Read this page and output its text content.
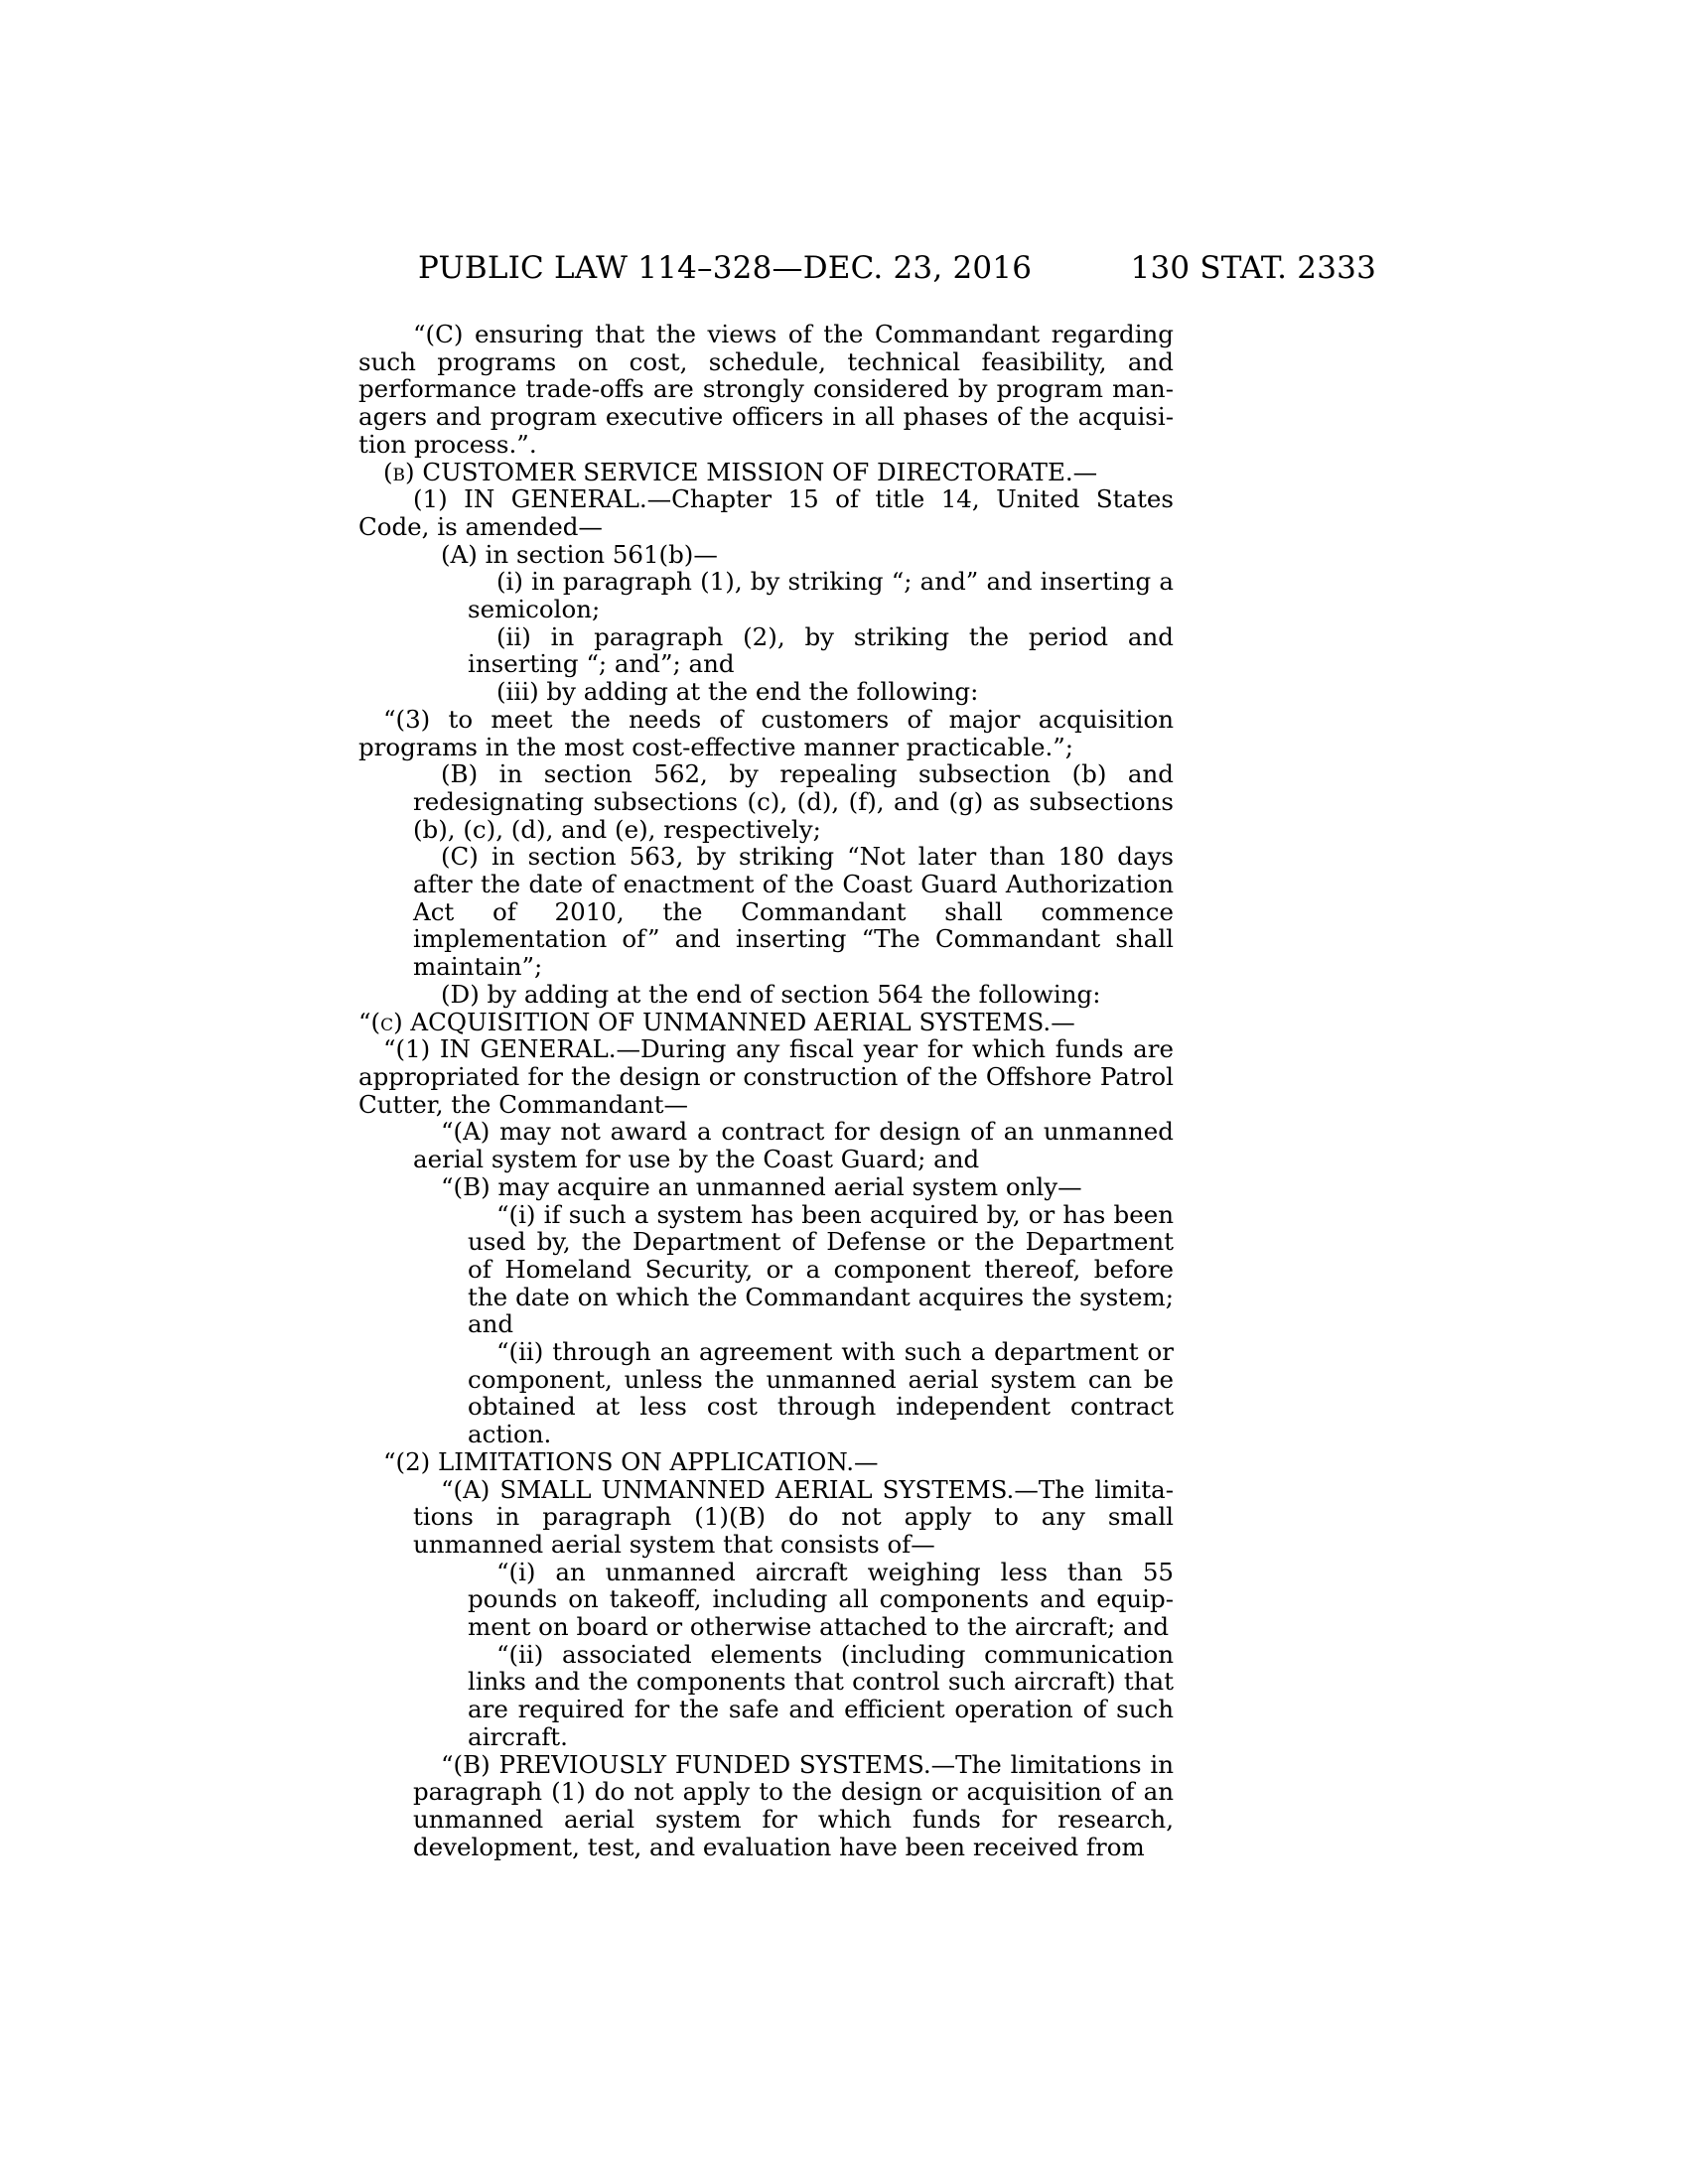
PUBLIC LAW 114–328—DEC. 23, 2016	130 STAT. 2333

“(C) ensuring that the views of the Commandant regarding such programs on cost, schedule, technical feasibility, and performance trade-offs are strongly considered by program managers and program executive officers in all phases of the acquisition process.”.

(b) CUSTOMER SERVICE MISSION OF DIRECTORATE.—

(1) IN GENERAL.—Chapter 15 of title 14, United States Code, is amended—

(A) in section 561(b)—

(i) in paragraph (1), by striking “; and” and inserting a semicolon;

(ii) in paragraph (2), by striking the period and inserting “; and”; and

(iii) by adding at the end the following:

“(3) to meet the needs of customers of major acquisition programs in the most cost-effective manner practicable.”;

(B) in section 562, by repealing subsection (b) and redesignating subsections (c), (d), (f), and (g) as subsections (b), (c), (d), and (e), respectively;

(C) in section 563, by striking “Not later than 180 days after the date of enactment of the Coast Guard Authorization Act of 2010, the Commandant shall commence implementation of” and inserting “The Commandant shall maintain”;

(D) by adding at the end of section 564 the following:

“(c) ACQUISITION OF UNMANNED AERIAL SYSTEMS.—

“(1) IN GENERAL.—During any fiscal year for which funds are appropriated for the design or construction of the Offshore Patrol Cutter, the Commandant—

“(A) may not award a contract for design of an unmanned aerial system for use by the Coast Guard; and

“(B) may acquire an unmanned aerial system only—

“(i) if such a system has been acquired by, or has been used by, the Department of Defense or the Department of Homeland Security, or a component thereof, before the date on which the Commandant acquires the system; and

“(ii) through an agreement with such a department or component, unless the unmanned aerial system can be obtained at less cost through independent contract action.

“(2) LIMITATIONS ON APPLICATION.—

“(A) SMALL UNMANNED AERIAL SYSTEMS.—The limitations in paragraph (1)(B) do not apply to any small unmanned aerial system that consists of—

“(i) an unmanned aircraft weighing less than 55 pounds on takeoff, including all components and equipment on board or otherwise attached to the aircraft; and

“(ii) associated elements (including communication links and the components that control such aircraft) that are required for the safe and efficient operation of such aircraft.

“(B) PREVIOUSLY FUNDED SYSTEMS.—The limitations in paragraph (1) do not apply to the design or acquisition of an unmanned aerial system for which funds for research, development, test, and evaluation have been received from
